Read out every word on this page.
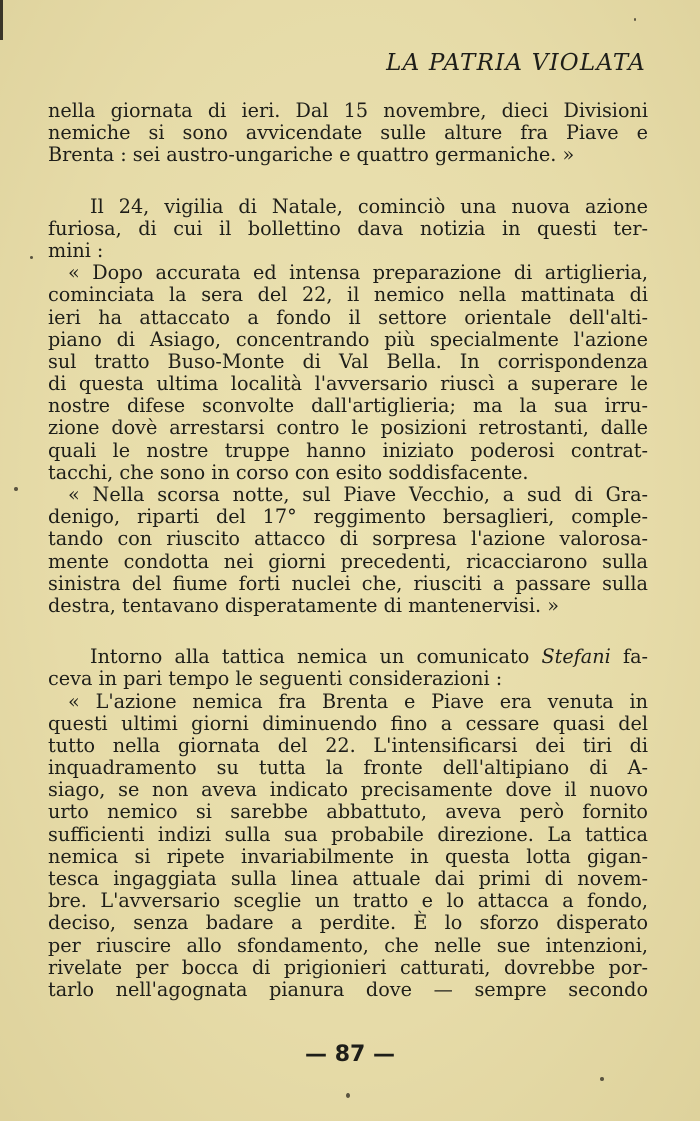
LA PATRIA VIOLATA
nella giornata di ieri. Dal 15 novembre, dieci Divisioni
nemiche si sono avvicendate sulle alture fra Piave e
Brenta : sei austro-ungariche e quattro germaniche. »
Il 24, vigilia di Natale, cominciò una nuova azione
furiosa, di cui il bollettino dava notizia in questi ter-
mini :
« Dopo accurata ed intensa preparazione di artiglieria,
cominciata la sera del 22, il nemico nella mattinata di
ieri ha attaccato a fondo il settore orientale dell'alti-
piano di Asiago, concentrando più specialmente l'azione
sul tratto Buso-Monte di Val Bella. In corrispondenza
di questa ultima località l'avversario riuscì a superare le
nostre difese sconvolte dall'artiglieria; ma la sua irru-
zione dovè arrestarsi contro le posizioni retrostanti, dalle
quali le nostre truppe hanno iniziato poderosi contrat-
tacchi, che sono in corso con esito soddisfacente.
« Nella scorsa notte, sul Piave Vecchio, a sud di Gra-
denigo, riparti del 17° reggimento bersaglieri, comple-
tando con riuscito attacco di sorpresa l'azione valorosa-
mente condotta nei giorni precedenti, ricacciarono sulla
sinistra del fiume forti nuclei che, riusciti a passare sulla
destra, tentavano disperatamente di mantenervisi. »
Intorno alla tattica nemica un comunicato Stefani fa-
ceva in pari tempo le seguenti considerazioni :
« L'azione nemica fra Brenta e Piave era venuta in
questi ultimi giorni diminuendo fino a cessare quasi del
tutto nella giornata del 22. L'intensificarsi dei tiri di
inquadramento su tutta la fronte dell'altipiano di A-
siago, se non aveva indicato precisamente dove il nuovo
urto nemico si sarebbe abbattuto, aveva però fornito
sufficienti indizi sulla sua probabile direzione. La tattica
nemica si ripete invariabilmente in questa lotta gigan-
tesca ingaggiata sulla linea attuale dai primi di novem-
bre. L'avversario sceglie un tratto e lo attacca a fondo,
deciso, senza badare a perdite. È lo sforzo disperato
per riuscire allo sfondamento, che nelle sue intenzioni,
rivelate per bocca di prigionieri catturati, dovrebbe por-
tarlo nell'agognata pianura dove — sempre secondo
— 87 —
